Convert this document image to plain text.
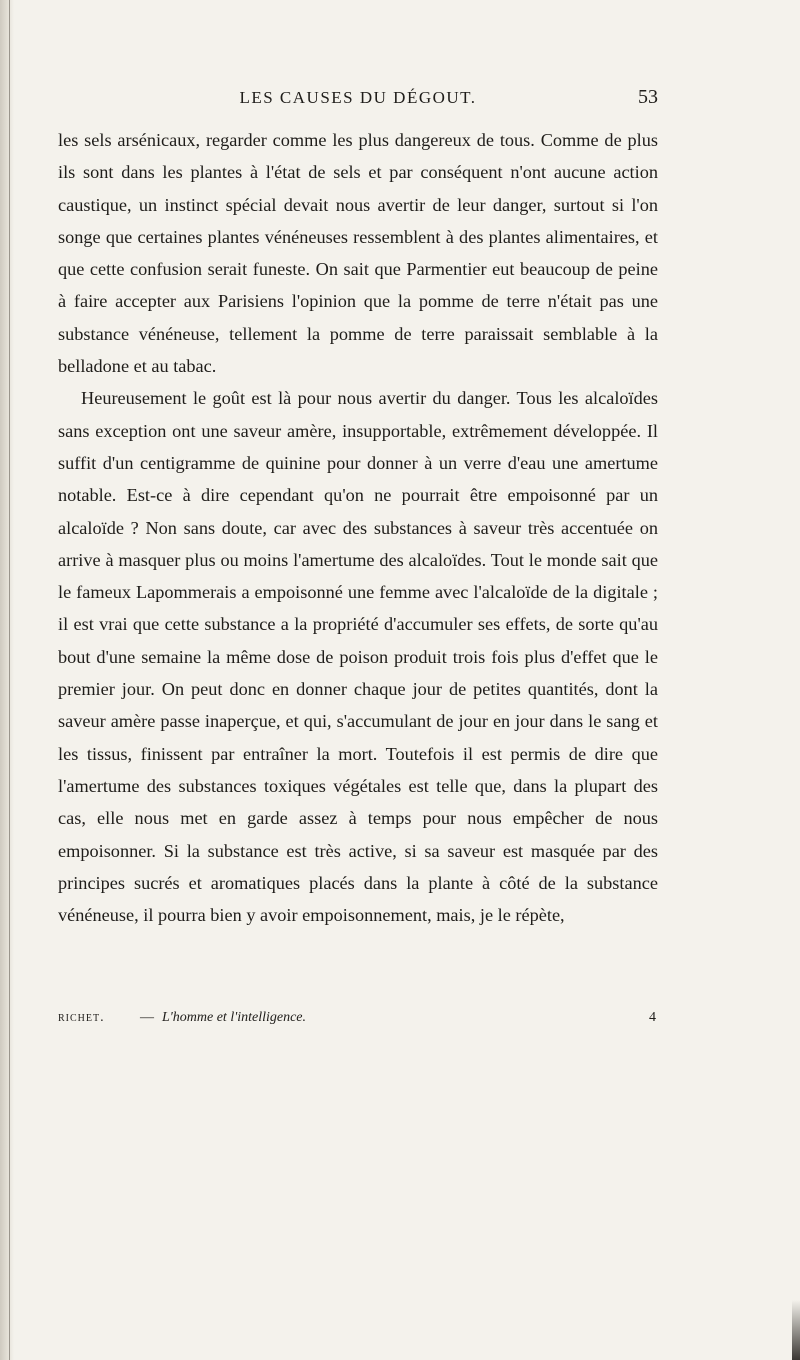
LES CAUSES DU DÉGOUT.	53

les sels arsénicaux, regarder comme les plus dangereux de tous. Comme de plus ils sont dans les plantes à l'état de sels et par conséquent n'ont aucune action caustique, un instinct spécial devait nous avertir de leur danger, surtout si l'on songe que certaines plantes vénéneuses ressemblent à des plantes alimentaires, et que cette confusion serait funeste. On sait que Parmentier eut beaucoup de peine à faire accepter aux Parisiens l'opinion que la pomme de terre n'était pas une substance vénéneuse, tellement la pomme de terre paraissait semblable à la belladone et au tabac.

Heureusement le goût est là pour nous avertir du danger. Tous les alcaloïdes sans exception ont une saveur amère, insupportable, extrêmement développée. Il suffit d'un centigramme de quinine pour donner à un verre d'eau une amertume notable. Est-ce à dire cependant qu'on ne pourrait être empoisonné par un alcaloïde ? Non sans doute, car avec des substances à saveur très accentuée on arrive à masquer plus ou moins l'amertume des alcaloïdes. Tout le monde sait que le fameux Lapommerais a empoisonné une femme avec l'alcaloïde de la digitale ; il est vrai que cette substance a la propriété d'accumuler ses effets, de sorte qu'au bout d'une semaine la même dose de poison produit trois fois plus d'effet que le premier jour. On peut donc en donner chaque jour de petites quantités, dont la saveur amère passe inaperçue, et qui, s'accumulant de jour en jour dans le sang et les tissus, finissent par entraîner la mort. Toutefois il est permis de dire que l'amertume des substances toxiques végétales est telle que, dans la plupart des cas, elle nous met en garde assez à temps pour nous empêcher de nous empoisonner. Si la substance est très active, si sa saveur est masquée par des principes sucrés et aromatiques placés dans la plante à côté de la substance vénéneuse, il pourra bien y avoir empoisonnement, mais, je le répète,

richet.	— L'homme et l'intelligence.	4
